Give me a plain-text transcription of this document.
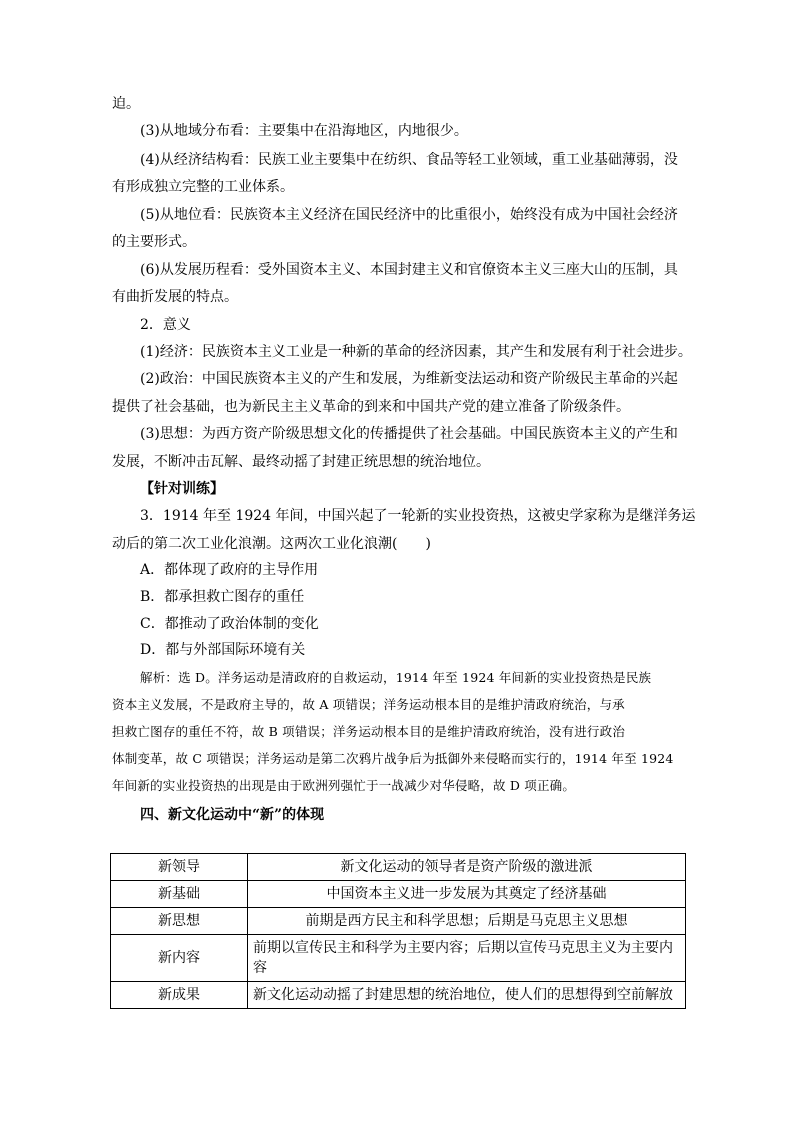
迫。
(3)从地域分布看：主要集中在沿海地区，内地很少。
(4)从经济结构看：民族工业主要集中在纺织、食品等轻工业领域，重工业基础薄弱，没
有形成独立完整的工业体系。
(5)从地位看：民族资本主义经济在国民经济中的比重很小，始终没有成为中国社会经济
的主要形式。
(6)从发展历程看：受外国资本主义、本国封建主义和官僚资本主义三座大山的压制，具
有曲折发展的特点。
2．意义
(1)经济：民族资本主义工业是一种新的革命的经济因素，其产生和发展有利于社会进步。
(2)政治：中国民族资本主义的产生和发展，为维新变法运动和资产阶级民主革命的兴起
提供了社会基础，也为新民主主义革命的到来和中国共产党的建立准备了阶级条件。
(3)思想：为西方资产阶级思想文化的传播提供了社会基础。中国民族资本主义的产生和
发展，不断冲击瓦解、最终动摇了封建正统思想的统治地位。
【针对训练】
3．1914 年至 1924 年间，中国兴起了一轮新的实业投资热，这被史学家称为是继洋务运
动后的第二次工业化浪潮。这两次工业化浪潮(　　)
A．都体现了政府的主导作用
B．都承担救亡图存的重任
C．都推动了政治体制的变化
D．都与外部国际环境有关
解析：选 D。洋务运动是清政府的自救运动，1914 年至 1924 年间新的实业投资热是民族
资本主义发展，不是政府主导的，故 A 项错误；洋务运动根本目的是维护清政府统治，与承
担救亡图存的重任不符，故 B 项错误；洋务运动根本目的是维护清政府统治，没有进行政治
体制变革，故 C 项错误；洋务运动是第二次鸦片战争后为抵御外来侵略而实行的，1914 年至 1924
年间新的实业投资热的出现是由于欧洲列强忙于一战减少对华侵略，故 D 项正确。
四、新文化运动中“新”的体现
新领导	新文化运动的领导者是资产阶级的激进派
新基础	中国资本主义进一步发展为其奠定了经济基础
新思想	前期是西方民主和科学思想；后期是马克思主义思想
新内容	前期以宣传民主和科学为主要内容；后期以宣传马克思主义为主要内容
新成果	新文化运动动摇了封建思想的统治地位，使人们的思想得到空前解放
